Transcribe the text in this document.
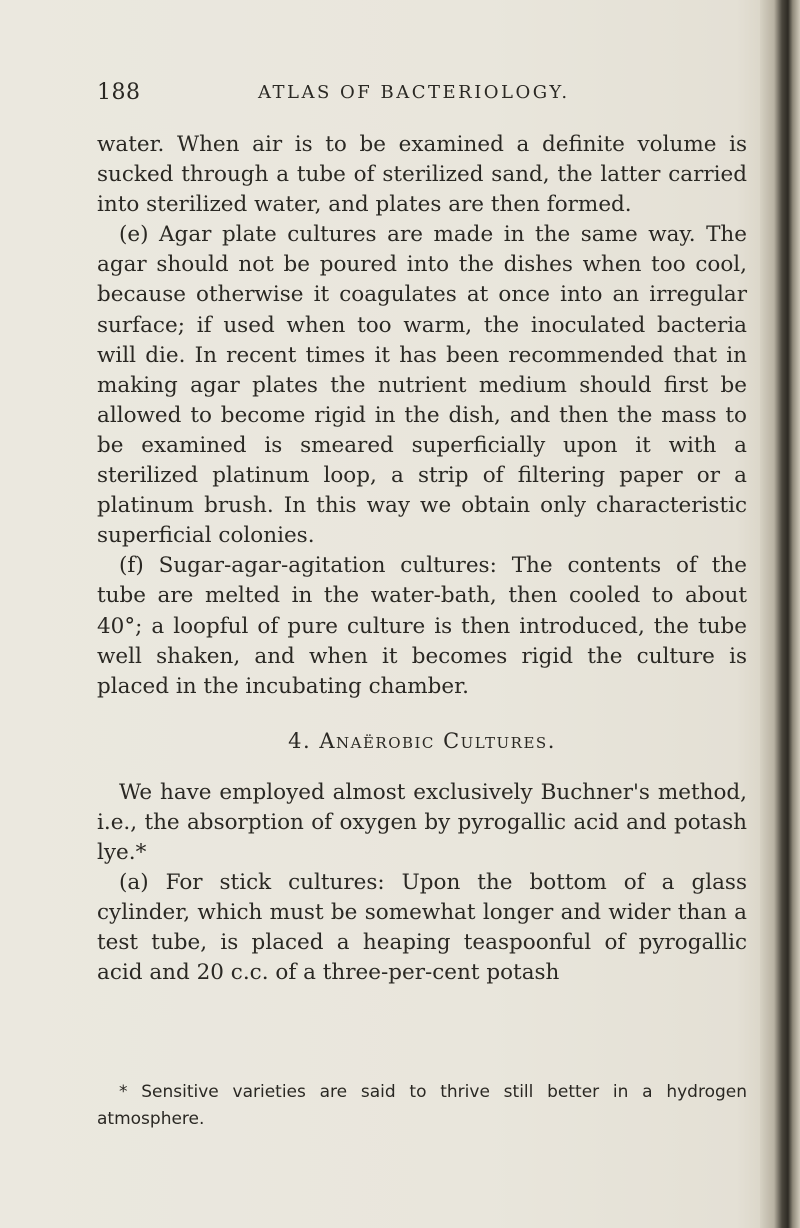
188	ATLAS OF BACTERIOLOGY.

water. When air is to be examined a definite volume is sucked through a tube of sterilized sand, the latter carried into sterilized water, and plates are then formed.

(e) Agar plate cultures are made in the same way. The agar should not be poured into the dishes when too cool, because otherwise it coagulates at once into an irregular surface; if used when too warm, the inoculated bacteria will die. In recent times it has been recommended that in making agar plates the nutrient medium should first be allowed to become rigid in the dish, and then the mass to be examined is smeared superficially upon it with a sterilized platinum loop, a strip of filtering paper or a platinum brush. In this way we obtain only characteristic superficial colonies.

(f) Sugar-agar-agitation cultures: The contents of the tube are melted in the water-bath, then cooled to about 40°; a loopful of pure culture is then introduced, the tube well shaken, and when it becomes rigid the culture is placed in the incubating chamber.

4. Anaërobic Cultures.

We have employed almost exclusively Buchner's method, i.e., the absorption of oxygen by pyrogallic acid and potash lye.*

(a) For stick cultures: Upon the bottom of a glass cylinder, which must be somewhat longer and wider than a test tube, is placed a heaping teaspoonful of pyrogallic acid and 20 c.c. of a three-per-cent potash

* Sensitive varieties are said to thrive still better in a hydrogen atmosphere.
